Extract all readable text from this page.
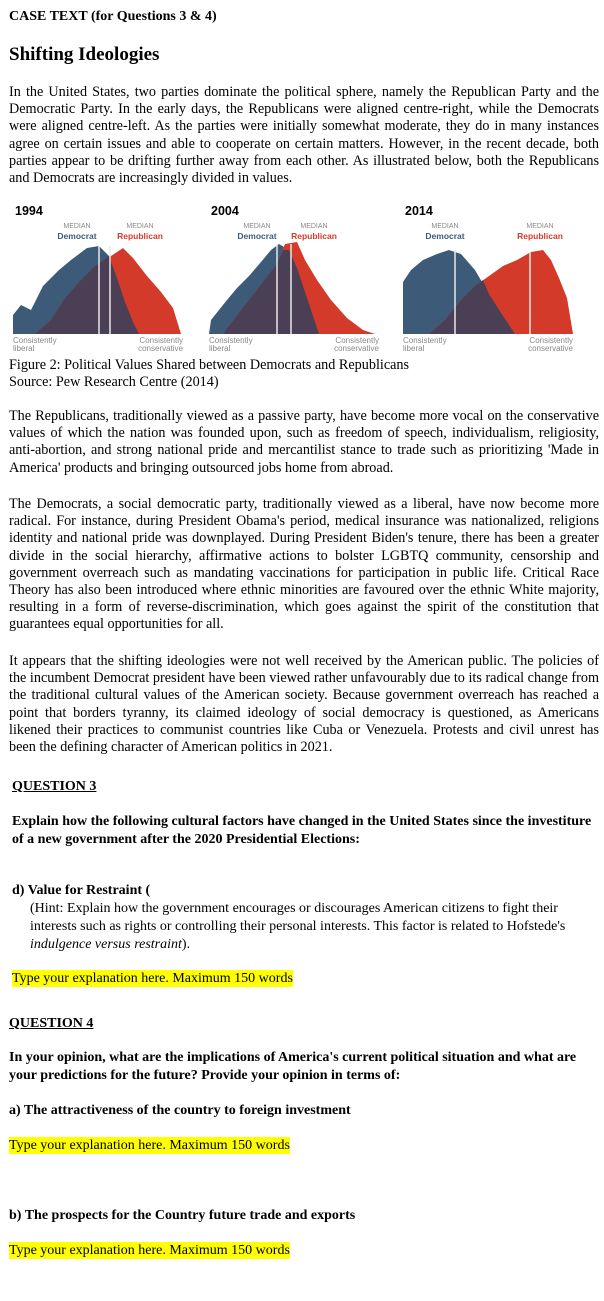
CASE TEXT (for Questions 3 & 4)
Shifting Ideologies

In the United States, two parties dominate the political sphere, namely the Republican Party and the Democratic Party. In the early days, the Republicans were aligned centre-right, while the Democrats were aligned centre-left. As the parties were initially somewhat moderate, they do in many instances agree on certain issues and able to cooperate on certain matters. However, in the recent decade, both parties appear to be drifting further away from each other. As illustrated below, both the Republicans and Democrats are increasingly divided in values.

1994
MEDIAN
Democrat
MEDIAN
Republican
Consistently liberal
Consistently conservative
2004
MEDIAN
Democrat
MEDIAN
Republican
Consistently liberal
Consistently conservative
2014
MEDIAN
Democrat
MEDIAN
Republican
Consistently liberal
Consistently conservative
Figure 2: Political Values Shared between Democrats and Republicans
Source: Pew Research Centre (2014)

The Republicans, traditionally viewed as a passive party, have become more vocal on the conservative values of which the nation was founded upon, such as freedom of speech, individualism, religiosity, anti-abortion, and strong national pride and mercantilist stance to trade such as prioritizing 'Made in America' products and bringing outsourced jobs home from abroad.

The Democrats, a social democratic party, traditionally viewed as a liberal, have now become more radical. For instance, during President Obama's period, medical insurance was nationalized, religions identity and national pride was downplayed. During President Biden's tenure, there has been a greater divide in the social hierarchy, affirmative actions to bolster LGBTQ community, censorship and government overreach such as mandating vaccinations for participation in public life. Critical Race Theory has also been introduced where ethnic minorities are favoured over the ethnic White majority, resulting in a form of reverse-discrimination, which goes against the spirit of the constitution that guarantees equal opportunities for all.

It appears that the shifting ideologies were not well received by the American public. The policies of the incumbent Democrat president have been viewed rather unfavourably due to its radical change from the traditional cultural values of the American society. Because government overreach has reached a point that borders tyranny, its claimed ideology of social democracy is questioned, as Americans likened their practices to communist countries like Cuba or Venezuela. Protests and civil unrest has been the defining character of American politics in 2021.

QUESTION 3
Explain how the following cultural factors have changed in the United States since the investiture of a new government after the 2020 Presidential Elections:
d) Value for Restraint (
(Hint: Explain how the government encourages or discourages American citizens to fight their interests such as rights or controlling their personal interests. This factor is related to Hofstede's indulgence versus restraint).
Type your explanation here. Maximum 150 words
QUESTION 4
In your opinion, what are the implications of America's current political situation and what are your predictions for the future? Provide your opinion in terms of:
a) The attractiveness of the country to foreign investment
Type your explanation here. Maximum 150 words
b) The prospects for the Country future trade and exports
Type your explanation here. Maximum 150 words
